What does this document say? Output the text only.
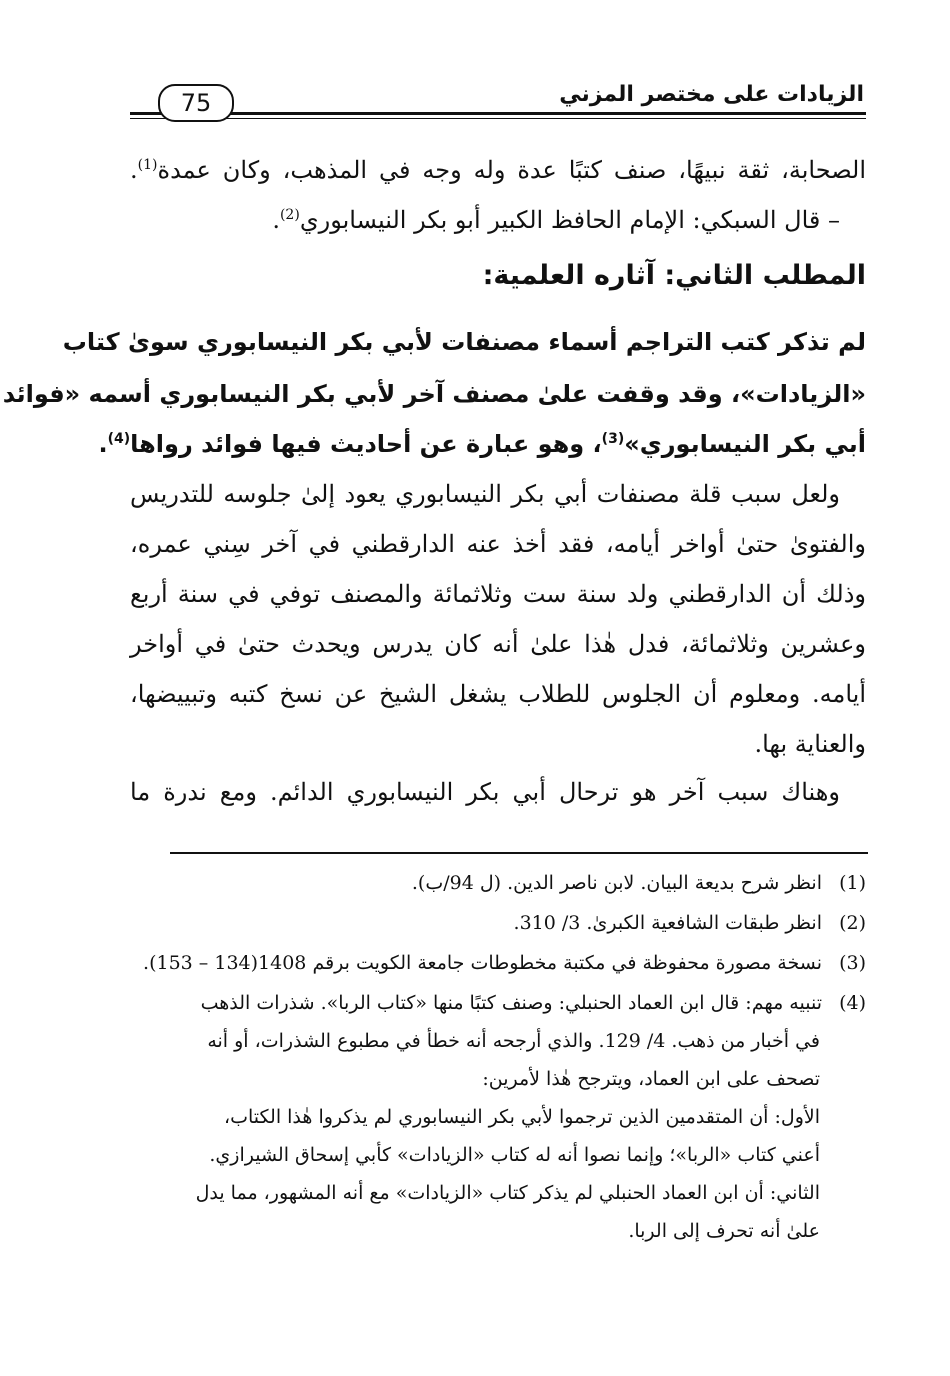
الزيادات على مختصر المزني
75
الصحابة، ثقة نبيهًا، صنف كتبًا عدة وله وجه في المذهب، وكان عمدة$^{(1)}$.
– قال السبكي: الإمام الحافظ الكبير أبو بكر النيسابوري$^{(2)}$.
المطلب الثاني: آثاره العلمية:
لم تذكر كتب التراجم أسماء مصنفات لأبي بكر النيسابوري سوىٰ كتاب
«الزيادات»، وقد وقفت علىٰ مصنف آخر لأبي بكر النيسابوري أسمه «فوائد
أبي بكر النيسابوري»$^{(3)}$، وهو عبارة عن أحاديث فيها فوائد رواها$^{(4)}$.
ولعل سبب قلة مصنفات أبي بكر النيسابوري يعود إلىٰ جلوسه للتدريس
والفتوىٰ حتىٰ أواخر أيامه، فقد أخذ عنه الدارقطني في آخر سِني عمره،
وذلك أن الدارقطني ولد سنة ست وثلاثمائة والمصنف توفي في سنة أربع
وعشرين وثلاثمائة، فدل هٰذا علىٰ أنه كان يدرس ويحدث حتىٰ في أواخر
أيامه. ومعلوم أن الجلوس للطلاب يشغل الشيخ عن نسخ كتبه وتبييضها،
والعناية بها.
وهناك سبب آخر هو ترحال أبي بكر النيسابوري الدائم. ومع ندرة ما
(1)انظر شرح بديعة البيان. لابن ناصر الدين. (ل 94/ب).
(2)انظر طبقات الشافعية الكبرىٰ. 3/ 310.
(3)نسخة مصورة محفوظة في مكتبة مخطوطات جامعة الكويت برقم 1408(134 – 153).
(4)تنبيه مهم: قال ابن العماد الحنبلي: وصنف كتبًا منها «كتاب الربا». شذرات الذهب
في أخبار من ذهب. 4/ 129. والذي أرجحه أنه خطأ في مطبوع الشذرات، أو أنه
تصحف على ابن العماد، ويترجح هٰذا لأمرين:
الأول: أن المتقدمين الذين ترجموا لأبي بكر النيسابوري لم يذكروا هٰذا الكتاب،
أعني كتاب «الربا»؛ وإنما نصوا أنه له كتاب «الزيادات» كأبي إسحاق الشيرازي.
الثاني: أن ابن العماد الحنبلي لم يذكر كتاب «الزيادات» مع أنه المشهور، مما يدل
علىٰ أنه تحرف إلى الربا.
